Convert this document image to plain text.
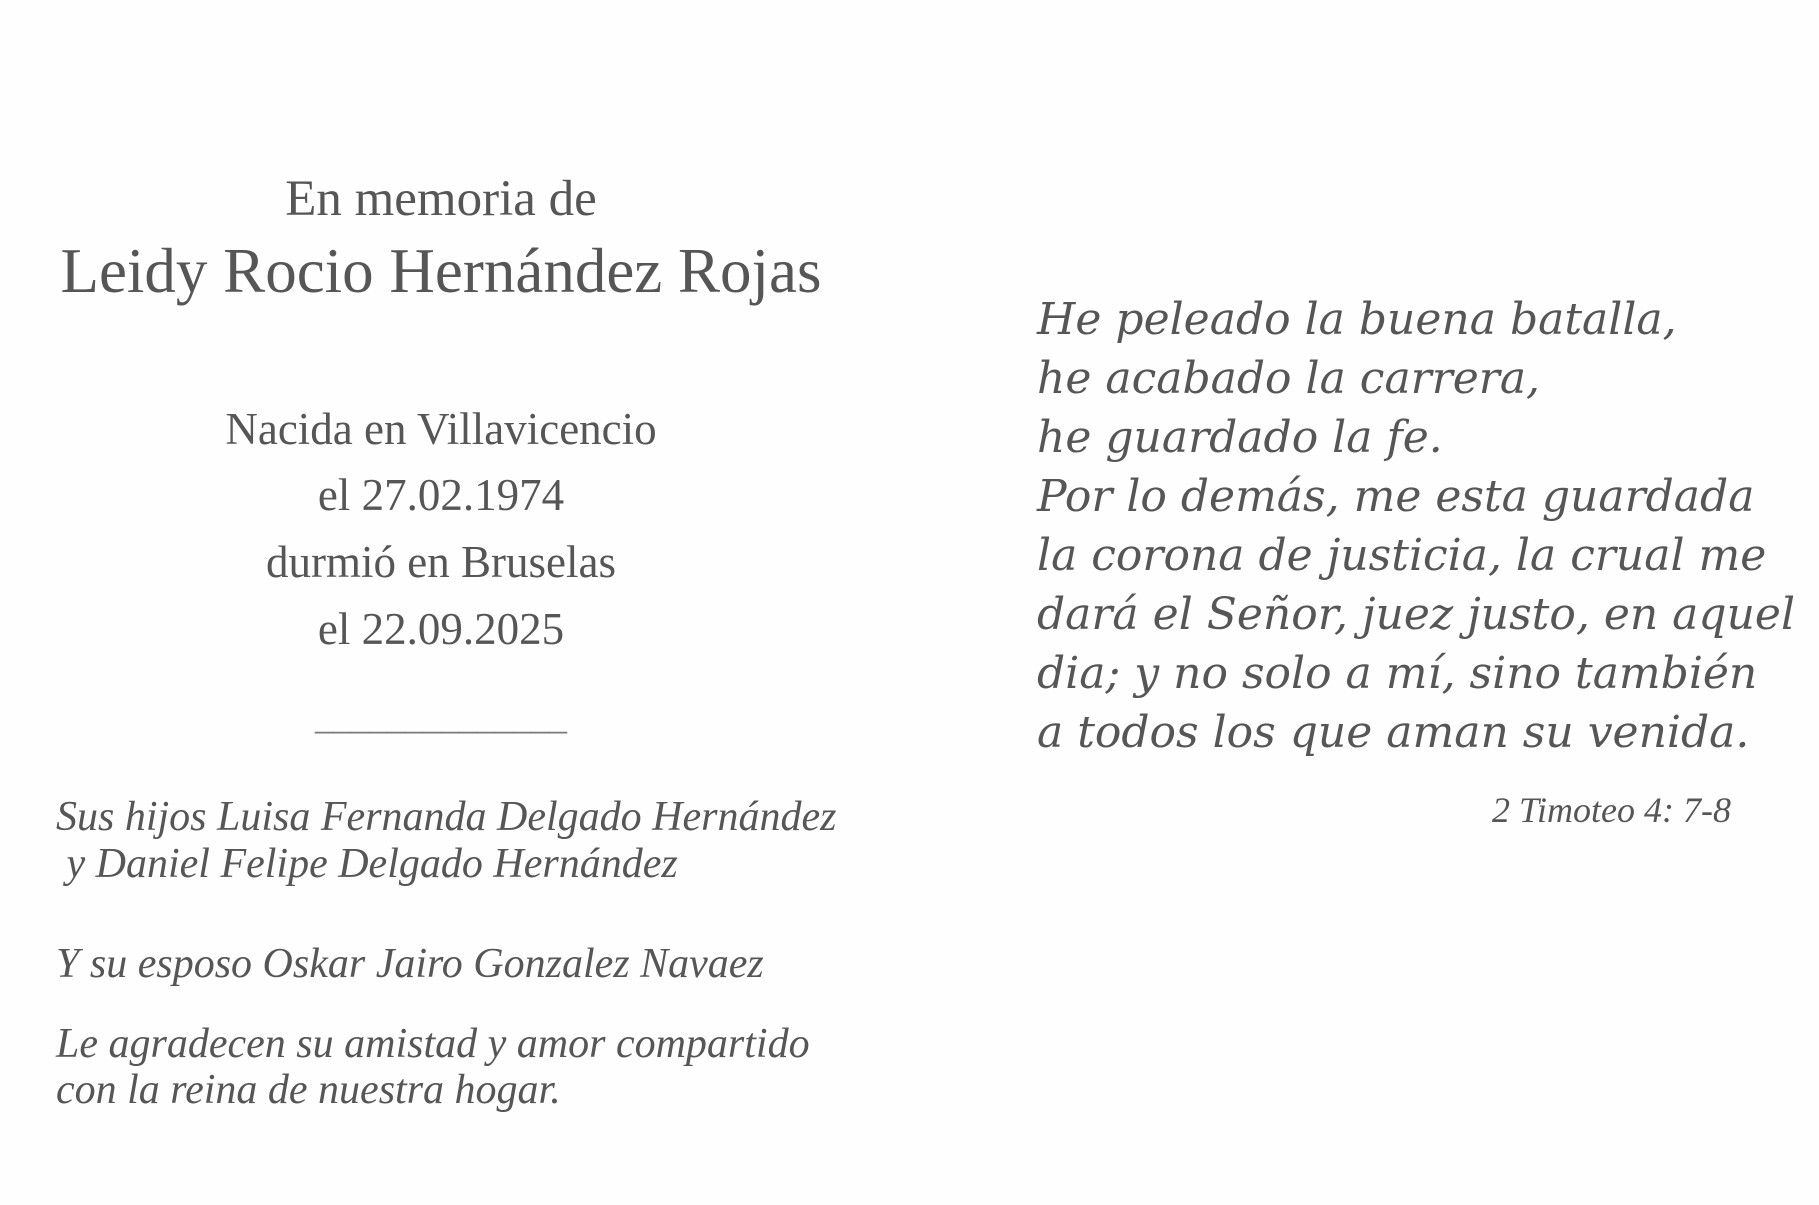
En memoria de
Leidy Rocio Hernández Rojas
Nacida en Villavicencio
el 27.02.1974
durmió en Bruselas
el 22.09.2025
______________
Sus hijos Luisa Fernanda Delgado Hernández
y Daniel Felipe Delgado Hernández
Y su esposo Oskar Jairo Gonzalez Navaez
Le agradecen su amistad y amor compartido
con la reina de nuestra hogar.
He peleado la buena batalla,
he acabado la carrera,
he guardado la fe.
Por lo demás, me esta guardada
la corona de justicia, la crual me
dará el Señor, juez justo, en aquel
dia; y no solo a mí, sino también
a todos los que aman su venida.
2 Timoteo 4: 7-8
